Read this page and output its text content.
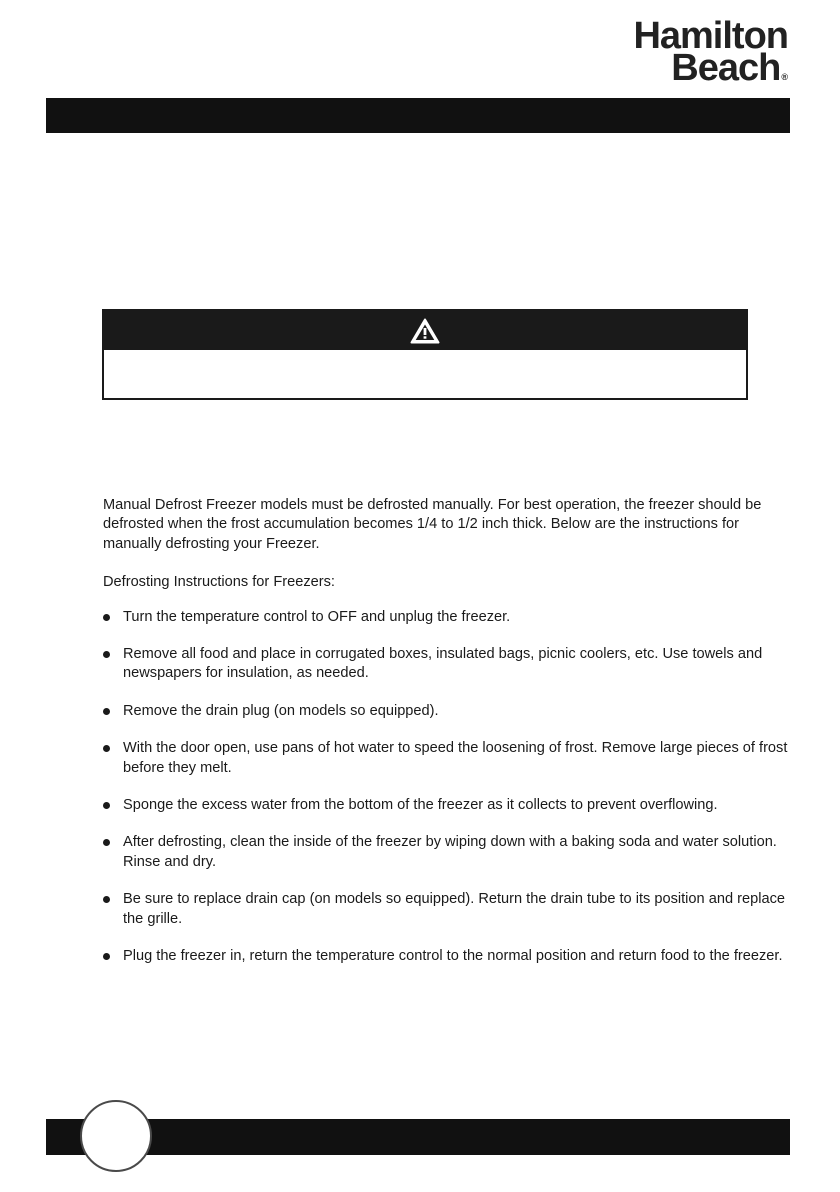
Hamilton
Beach®

Manual Defrost Freezer models must be defrosted manually. For best operation, the freezer should be defrosted when the frost accumulation becomes 1/4 to 1/2 inch thick. Below are the instructions for manually defrosting your Freezer.

Defrosting Instructions for Freezers:

Turn the temperature control to OFF and unplug the freezer.
Remove all food and place in corrugated boxes, insulated bags, picnic coolers, etc. Use towels and newspapers for insulation, as needed.
Remove the drain plug (on models so equipped).
With the door open, use pans of hot water to speed the loosening of frost. Remove large pieces of frost before they melt.
Sponge the excess water from the bottom of the freezer as it collects to prevent overflowing.
After defrosting, clean the inside of the freezer by wiping down with a baking soda and water solution. Rinse and dry.
Be sure to replace drain cap (on models so equipped). Return the drain tube to its position and replace the grille.
Plug the freezer in, return the temperature control to the normal position and return food to the freezer.
